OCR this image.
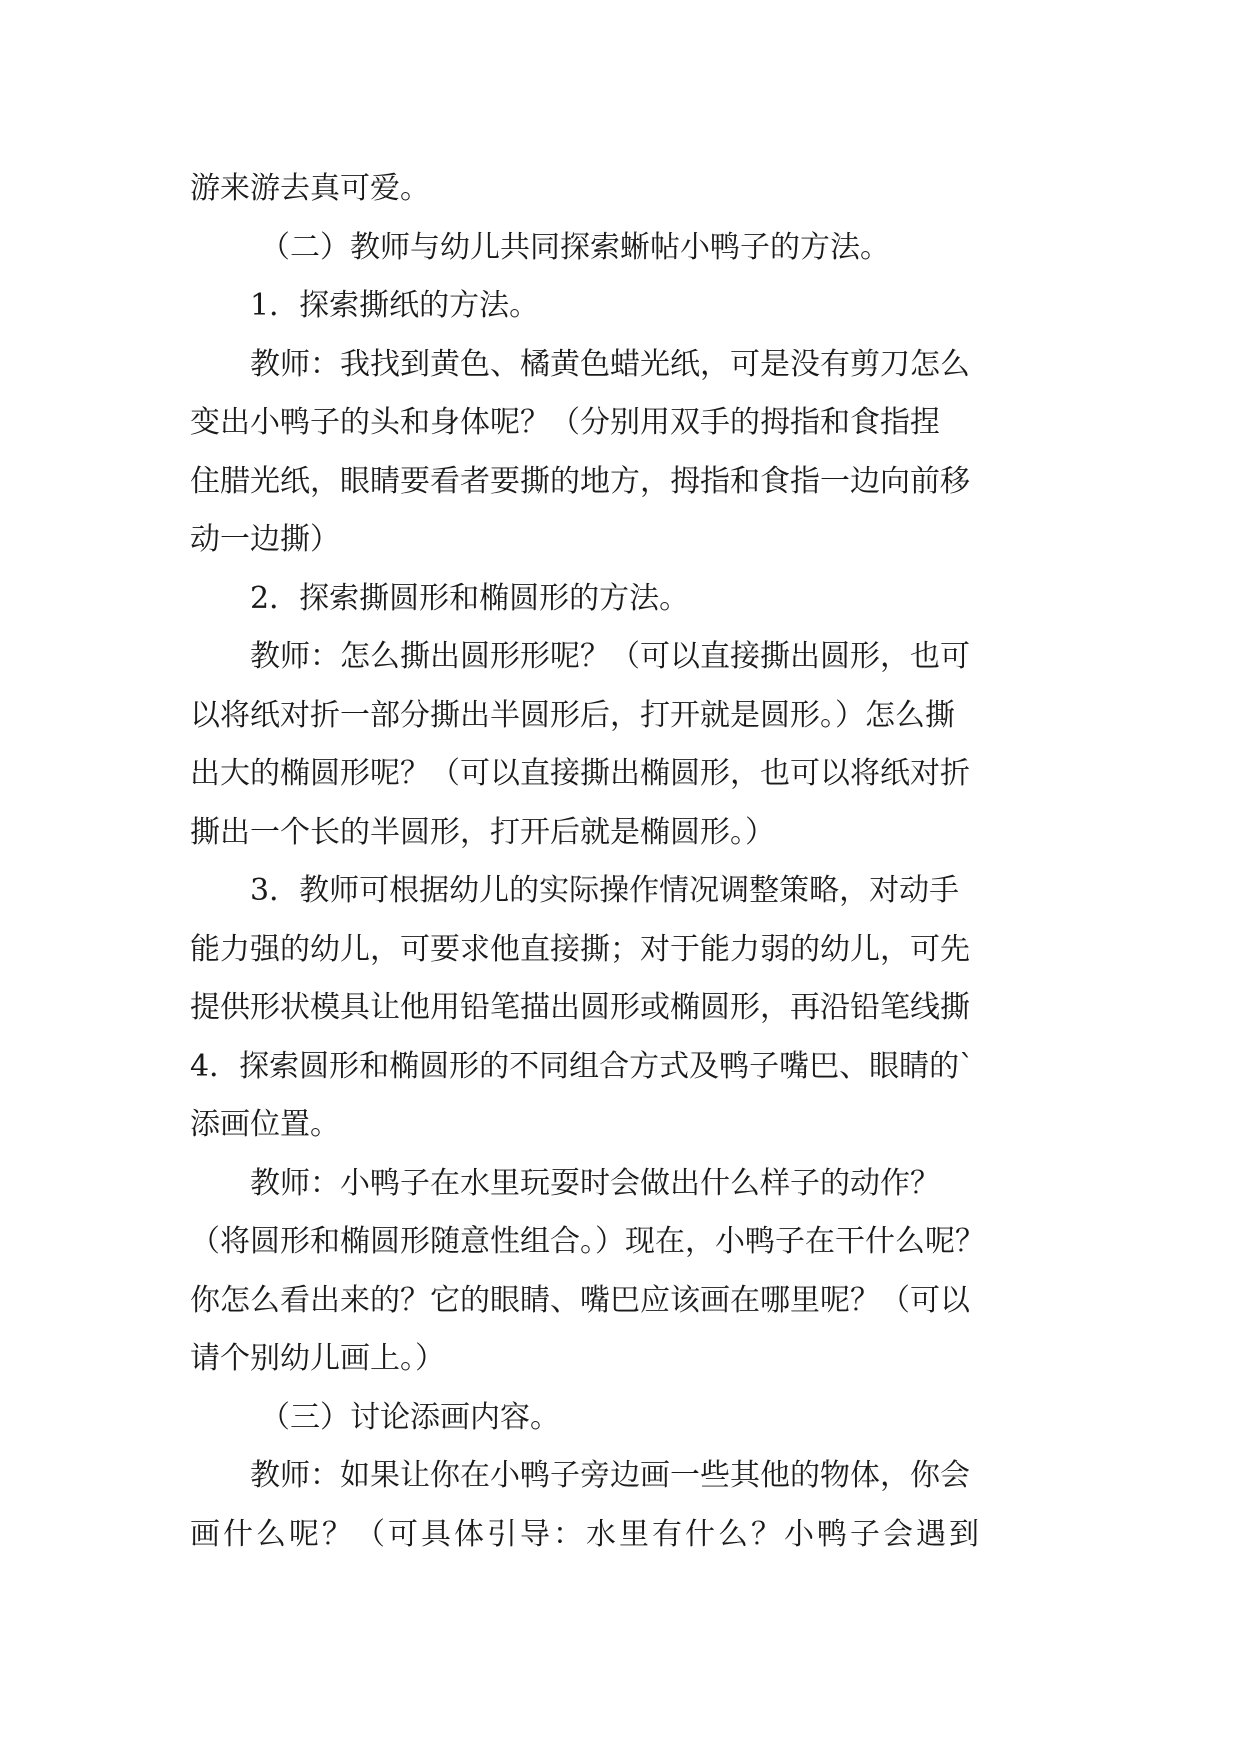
游来游去真可爱。
（二）教师与幼儿共同探索蜥帖小鸭子的方法。
1．探索撕纸的方法。
教师：我找到黄色、橘黄色蜡光纸，可是没有剪刀怎么
变出小鸭子的头和身体呢？（分别用双手的拇指和食指捏
住腊光纸，眼睛要看者要撕的地方，拇指和食指一边向前移
动一边撕）
2．探索撕圆形和椭圆形的方法。
教师：怎么撕出圆形形呢？（可以直接撕出圆形，也可
以将纸对折一部分撕出半圆形后，打开就是圆形。）怎么撕
出大的椭圆形呢？（可以直接撕出椭圆形，也可以将纸对折
撕出一个长的半圆形，打开后就是椭圆形。）
3．教师可根据幼儿的实际操作情况调整策略，对动手
能力强的幼儿，可要求他直接撕；对于能力弱的幼儿，可先
提供形状模具让他用铅笔描出圆形或椭圆形，再沿铅笔线撕
4．探索圆形和椭圆形的不同组合方式及鸭子嘴巴、眼睛的`
添画位置。
教师：小鸭子在水里玩耍时会做出什么样子的动作？
（将圆形和椭圆形随意性组合。）现在，小鸭子在干什么呢？
你怎么看出来的？它的眼睛、嘴巴应该画在哪里呢？（可以
请个别幼儿画上。）
（三）讨论添画内容。
教师：如果让你在小鸭子旁边画一些其他的物体，你会
画什么呢？（可具体引导：水里有什么？小鸭子会遇到
